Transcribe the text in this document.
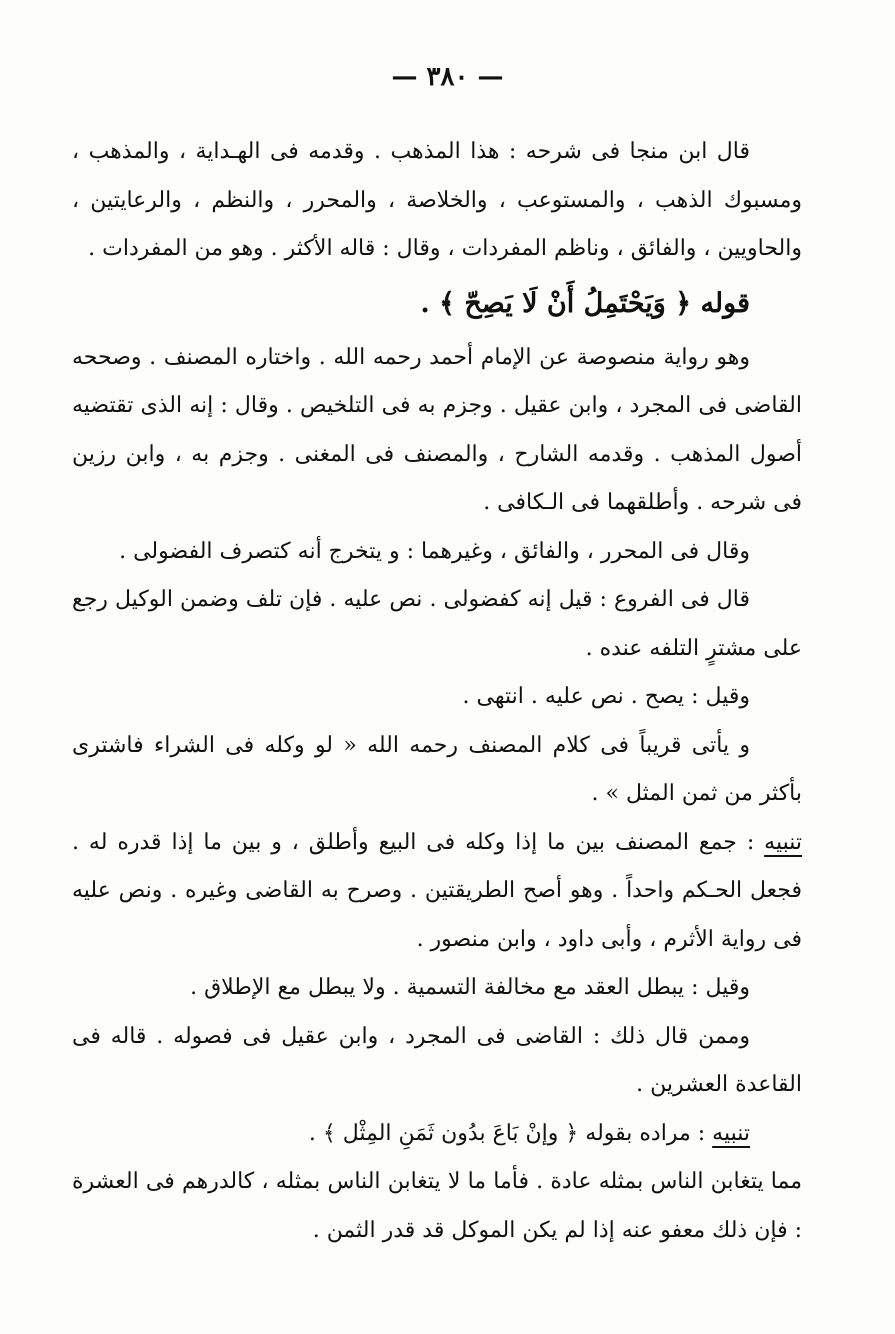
— ٣٨٠ —

قال ابن منجا فى شرحه : هذا المذهب . وقدمه فى الهـداية ، والمذهب ، ومسبوك الذهب ، والمستوعب ، والخلاصة ، والمحرر ، والنظم ، والرعايتين ، والحاويين ، والفائق ، وناظم المفردات ، وقال : قاله الأكثر . وهو من المفردات .

قوله ﴿ وَيَحْتَمِلُ أَنْ لَا يَصِحّ ﴾ .

وهو رواية منصوصة عن الإمام أحمد رحمه الله . واختاره المصنف . وصححه القاضى فى المجرد ، وابن عقيل . وجزم به فى التلخيص . وقال : إنه الذى تقتضيه أصول المذهب . وقدمه الشارح ، والمصنف فى المغنى . وجزم به ، وابن رزين فى شرحه . وأطلقهما فى الـكافى .

وقال فى المحرر ، والفائق ، وغيرهما : و يتخرج أنه كتصرف الفضولى .

قال فى الفروع : قيل إنه كفضولى . نص عليه . فإن تلف وضمن الوكيل رجع على مشترٍ التلفه عنده .

وقيل : يصح . نص عليه . انتهى .

و يأتى قريباً فى كلام المصنف رحمه الله « لو وكله فى الشراء فاشترى بأكثر من ثمن المثل » .

تنبيه : جمع المصنف بين ما إذا وكله فى البيع وأطلق ، و بين ما إذا قدره له . فجعل الحـكم واحداً . وهو أصح الطريقتين . وصرح به القاضى وغيره . ونص عليه فى رواية الأثرم ، وأبى داود ، وابن منصور .

وقيل : يبطل العقد مع مخالفة التسمية . ولا يبطل مع الإطلاق .

وممن قال ذلك : القاضى فى المجرد ، وابن عقيل فى فصوله . قاله فى القاعدة العشرين .

تنبيه : مراده بقوله ﴿ وإنْ بَاعَ بدُون ثَمَنِ المِثْل ﴾ .

مما يتغابن الناس بمثله عادة . فأما ما لا يتغابن الناس بمثله ، كالدرهم فى العشرة : فإن ذلك معفو عنه إذا لم يكن الموكل قد قدر الثمن .
